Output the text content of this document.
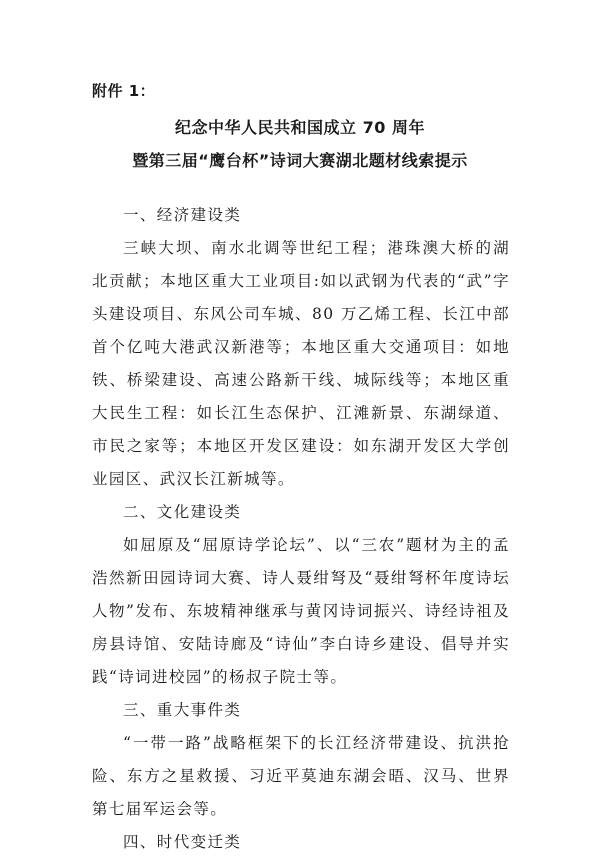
附件 1：
纪念中华人民共和国成立 70 周年
暨第三届“鹰台杯”诗词大赛湖北题材线索提示

一、经济建设类

三峡大坝、南水北调等世纪工程；港珠澳大桥的湖北贡献；本地区重大工业项目:如以武钢为代表的“武”字头建设项目、东风公司车城、80 万乙烯工程、长江中部首个亿吨大港武汉新港等；本地区重大交通项目：如地铁、桥梁建设、高速公路新干线、城际线等；本地区重大民生工程：如长江生态保护、江滩新景、东湖绿道、市民之家等；本地区开发区建设：如东湖开发区大学创业园区、武汉长江新城等。

二、文化建设类

如屈原及“屈原诗学论坛”、以“三农”题材为主的孟浩然新田园诗词大赛、诗人聂绀弩及“聂绀弩杯年度诗坛人物”发布、东坡精神继承与黄冈诗词振兴、诗经诗祖及房县诗馆、安陆诗廊及“诗仙”李白诗乡建设、倡导并实践“诗词进校园”的杨叔子院士等。

三、重大事件类

“一带一路”战略框架下的长江经济带建设、抗洪抢险、东方之星救援、习近平莫迪东湖会晤、汉马、世界第七届军运会等。

四、时代变迁类
